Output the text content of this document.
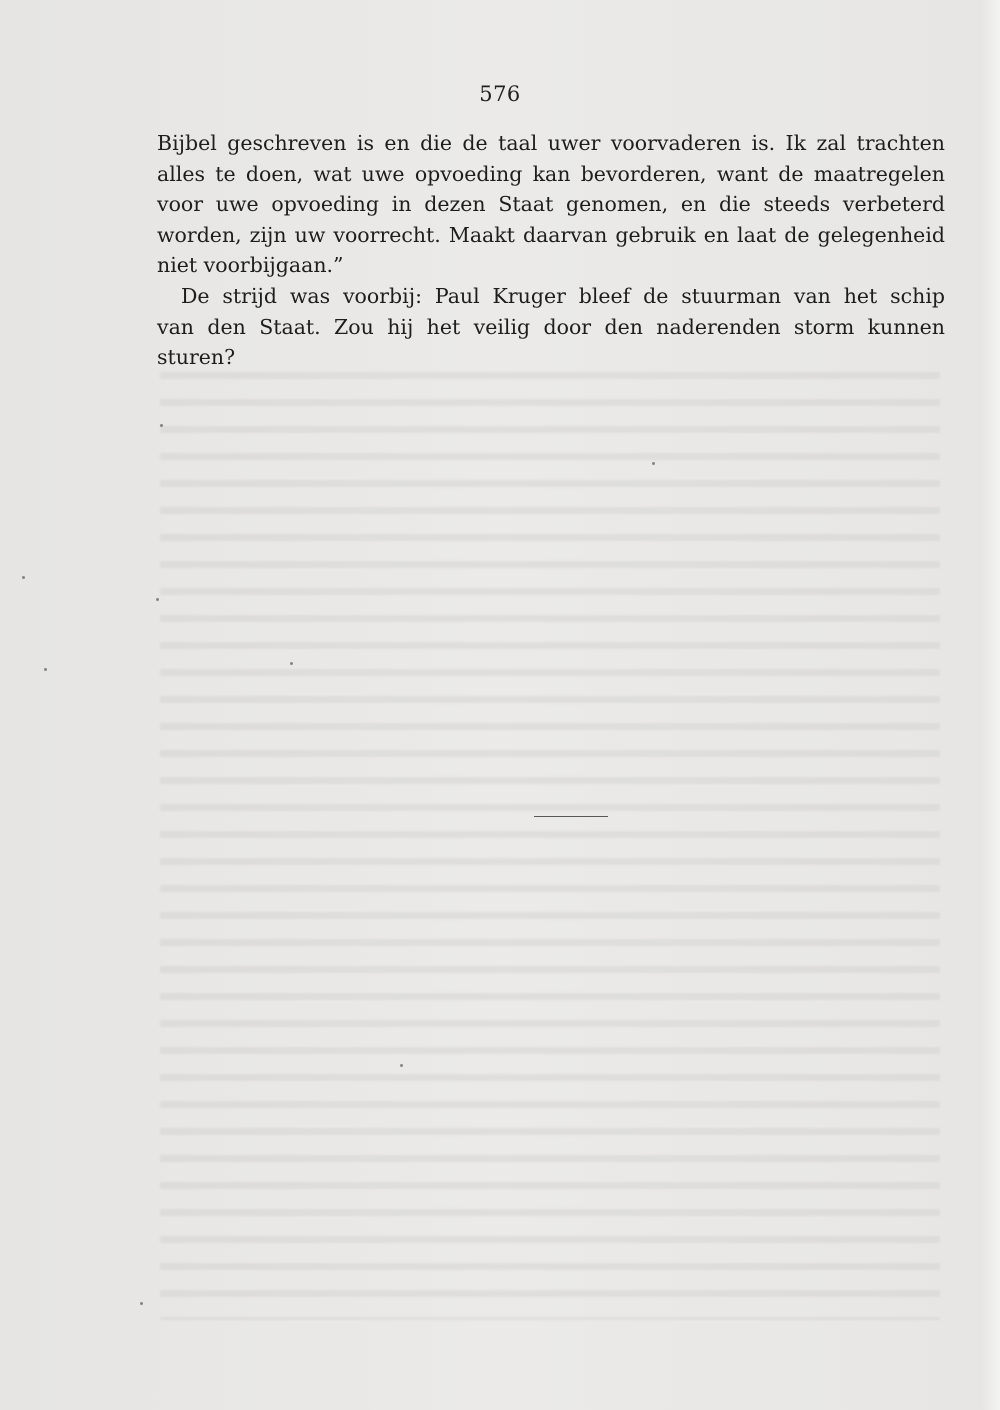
576
Bijbel geschreven is en die de taal uwer voorvaderen is. Ik zal trachten
alles te doen, wat uwe opvoeding kan bevorderen, want de maatregelen
voor uwe opvoeding in dezen Staat genomen, en die steeds verbeterd
worden, zijn uw voorrecht. Maakt daarvan gebruik en laat de gelegenheid
niet voorbijgaan.”
De strijd was voorbij: Paul Kruger bleef de stuurman van het schip
van den Staat. Zou hij het veilig door den naderenden storm kunnen
sturen?
